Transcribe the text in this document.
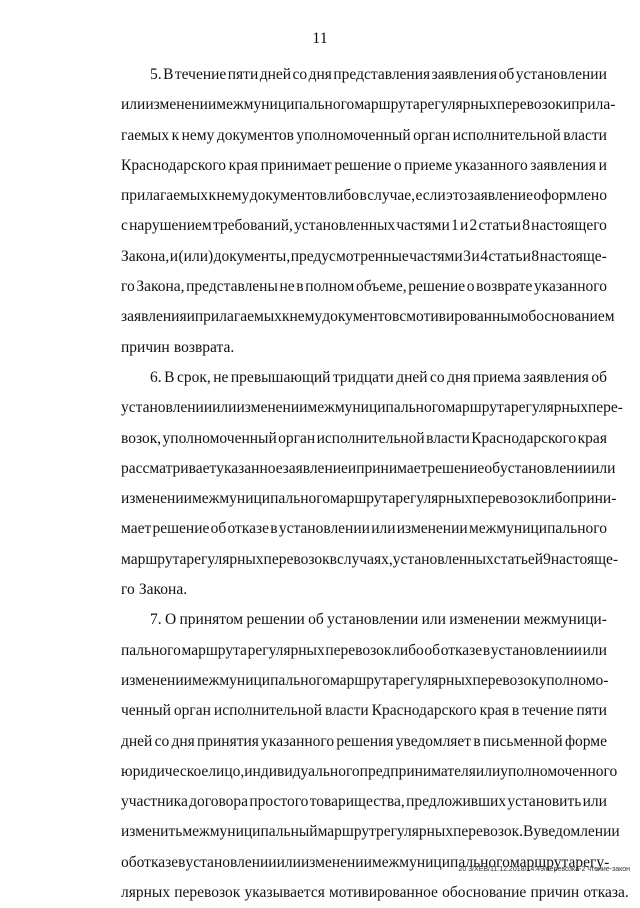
11
5. В течение пяти дней со дня представления заявления об установлении
или изменении межмуниципального маршрута регулярных перевозок и прила-
гаемых к нему документов уполномоченный орган исполнительной власти
Краснодарского края принимает решение о приеме указанного заявления и
прилагаемых к нему документов либо в случае, если это заявление оформлено
с нарушением требований, установленных частями 1 и 2 статьи 8 настоящего
Закона, и (или) документы, предусмотренные частями 3 и 4 статьи 8 настояще-
го Закона, представлены не в полном объеме, решение о возврате указанного
заявления и прилагаемых к нему документов с мотивированным обоснованием
причин возврата.
6. В срок, не превышающий тридцати дней со дня приема заявления об
установлении или изменении межмуниципального маршрута регулярных пере-
возок, уполномоченный орган исполнительной власти Краснодарского края
рассматривает указанное заявление и принимает решение об установлении или
изменении межмуниципального маршрута регулярных перевозок либо прини-
мает решение об отказе в установлении или изменении межмуниципального
маршрута регулярных перевозок в случаях, установленных статьей 9 настояще-
го Закона.
7. О принятом решении об установлении или изменении межмуници-
пального маршрута регулярных перевозок либо об отказе в установлении или
изменении межмуниципального маршрута регулярных перевозок уполномо-
ченный орган исполнительной власти Краснодарского края в течение пяти
дней со дня принятия указанного решения уведомляет в письменной форме
юридическое лицо, индивидуального предпринимателя или уполномоченного
участника договора простого товарищества, предложивших установить или
изменить межмуниципальный маршрут регулярных перевозок. В уведомлении
об отказе в установлении или изменении межмуниципального маршрута регу-
лярных перевозок указывается мотивированное обоснование причин отказа.
20 3/ХЕВ/11.12.2018/14:49/перевозка-2 чтение-закон
